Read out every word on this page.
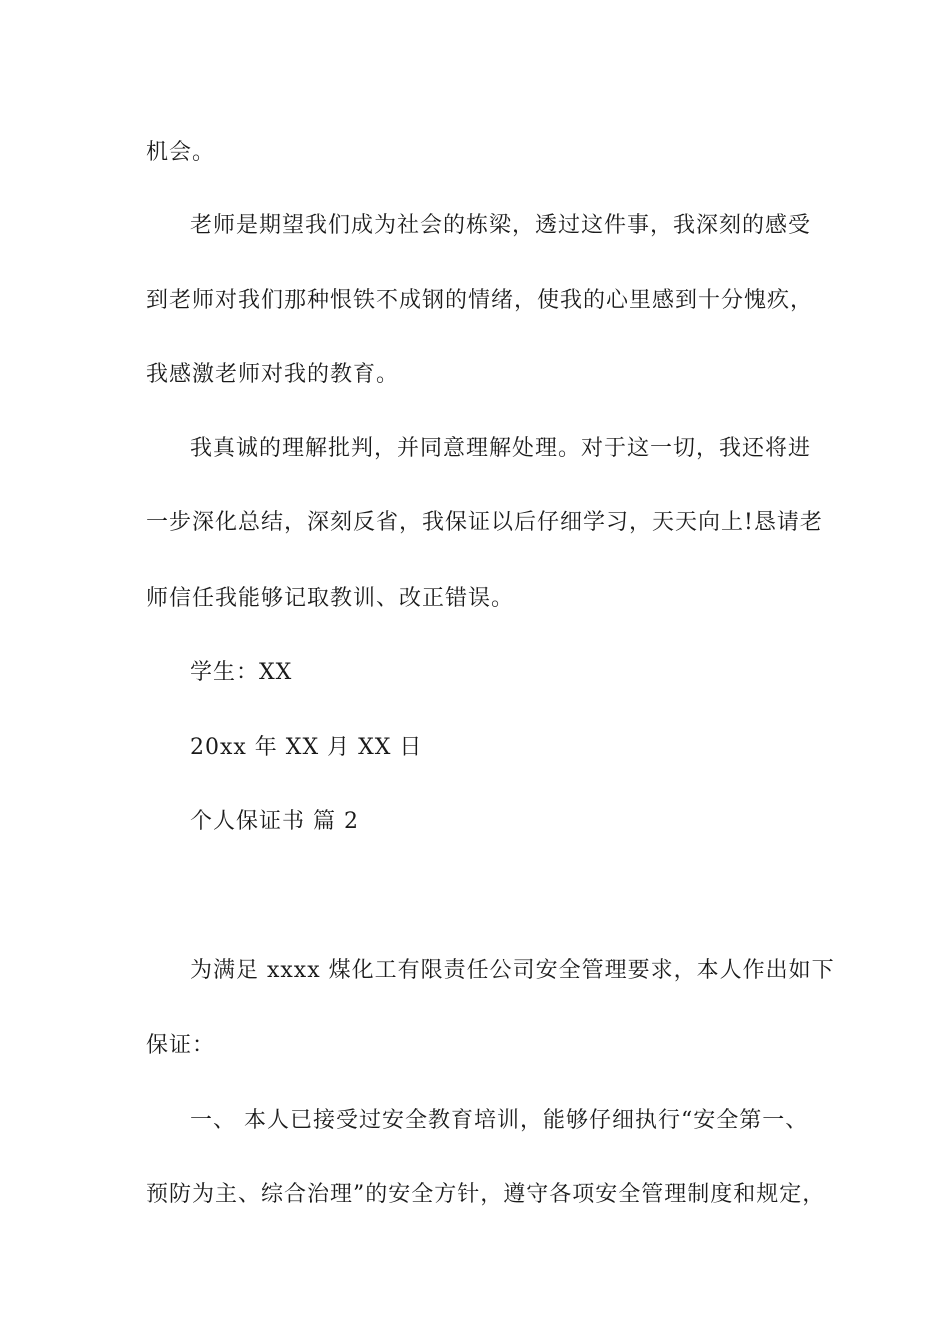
机会。
老师是期望我们成为社会的栋梁，透过这件事，我深刻的感受
到老师对我们那种恨铁不成钢的情绪，使我的心里感到十分愧疚，
我感激老师对我的教育。
我真诚的理解批判，并同意理解处理。对于这一切，我还将进
一步深化总结，深刻反省，我保证以后仔细学习，天天向上!恳请老
师信任我能够记取教训、改正错误。
学生：XX
20xx 年 XX 月 XX 日
个人保证书 篇 2
为满足 xxxx 煤化工有限责任公司安全管理要求，本人作出如下
保证：
一、 本人已接受过安全教育培训，能够仔细执行“安全第一、
预防为主、综合治理”的安全方针，遵守各项安全管理制度和规定，
